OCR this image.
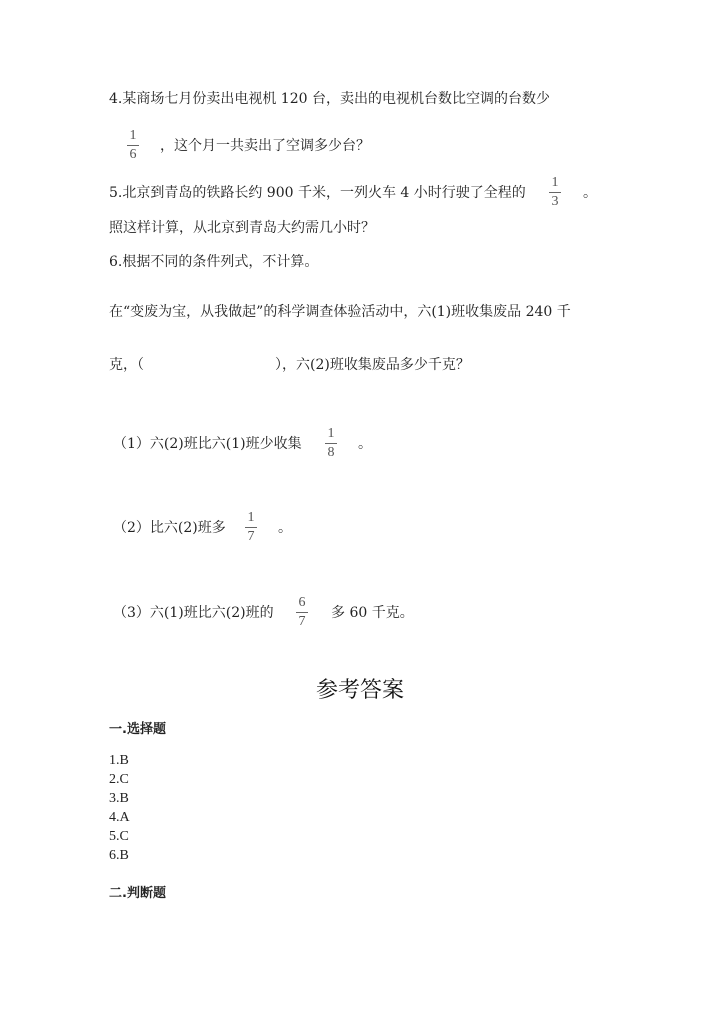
4.某商场七月份卖出电视机 120 台，卖出的电视机台数比空调的台数少
1
6
，这个月一共卖出了空调多少台？
5.北京到青岛的铁路长约 900 千米，一列火车 4 小时行驶了全程的
1
3
。
照这样计算，从北京到青岛大约需几小时？
6.根据不同的条件列式，不计算。
在“变废为宝，从我做起”的科学调查体验活动中，六(1)班收集废品 240 千
克，（	），六(2)班收集废品多少千克？
（1）六(2)班比六(1)班少收集
1
8
。
（2）比六(2)班多
1
7
。
（3）六(1)班比六(2)班的
6
7
多 60 千克。
参考答案
一.选择题
1.B
2.C
3.B
4.A
5.C
6.B
二.判断题
